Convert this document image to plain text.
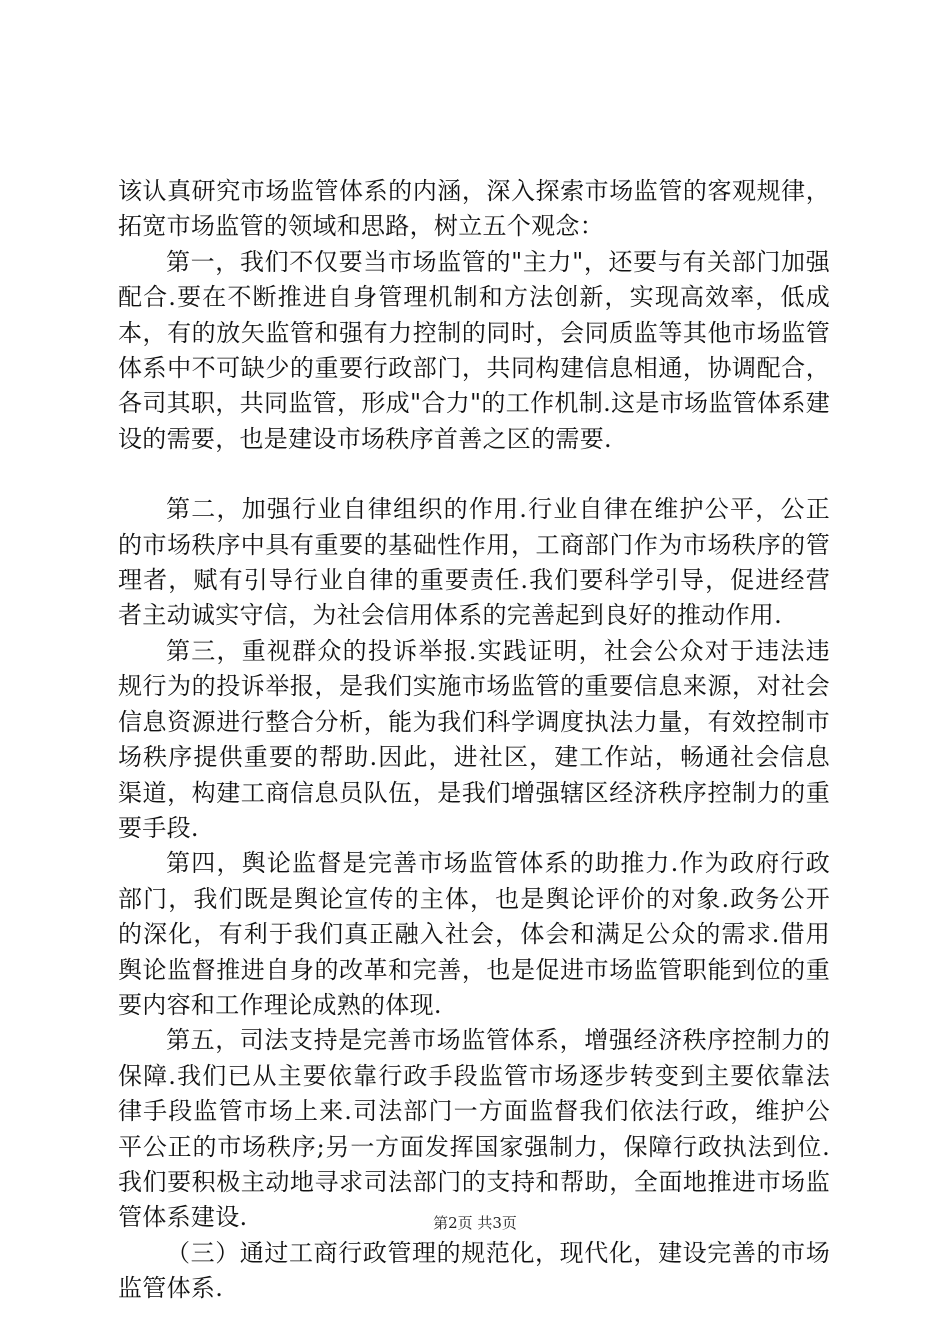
该认真研究市场监管体系的内涵，深入探索市场监管的客观规律，拓宽市场监管的领域和思路，树立五个观念：

第一，我们不仅要当市场监管的"主力"，还要与有关部门加强配合.要在不断推进自身管理机制和方法创新，实现高效率，低成本，有的放矢监管和强有力控制的同时，会同质监等其他市场监管体系中不可缺少的重要行政部门，共同构建信息相通，协调配合，各司其职，共同监管，形成"合力"的工作机制.这是市场监管体系建设的需要，也是建设市场秩序首善之区的需要.

第二，加强行业自律组织的作用.行业自律在维护公平，公正的市场秩序中具有重要的基础性作用，工商部门作为市场秩序的管理者，赋有引导行业自律的重要责任.我们要科学引导，促进经营者主动诚实守信，为社会信用体系的完善起到良好的推动作用.

第三，重视群众的投诉举报.实践证明，社会公众对于违法违规行为的投诉举报，是我们实施市场监管的重要信息来源，对社会信息资源进行整合分析，能为我们科学调度执法力量，有效控制市场秩序提供重要的帮助.因此，进社区，建工作站，畅通社会信息渠道，构建工商信息员队伍，是我们增强辖区经济秩序控制力的重要手段.

第四，舆论监督是完善市场监管体系的助推力.作为政府行政部门，我们既是舆论宣传的主体，也是舆论评价的对象.政务公开的深化，有利于我们真正融入社会，体会和满足公众的需求.借用舆论监督推进自身的改革和完善，也是促进市场监管职能到位的重要内容和工作理论成熟的体现.

第五，司法支持是完善市场监管体系，增强经济秩序控制力的保障.我们已从主要依靠行政手段监管市场逐步转变到主要依靠法律手段监管市场上来.司法部门一方面监督我们依法行政，维护公平公正的市场秩序;另一方面发挥国家强制力，保障行政执法到位.我们要积极主动地寻求司法部门的支持和帮助，全面地推进市场监管体系建设.

（三）通过工商行政管理的规范化，现代化，建设完善的市场监管体系.

第2页 共3页
